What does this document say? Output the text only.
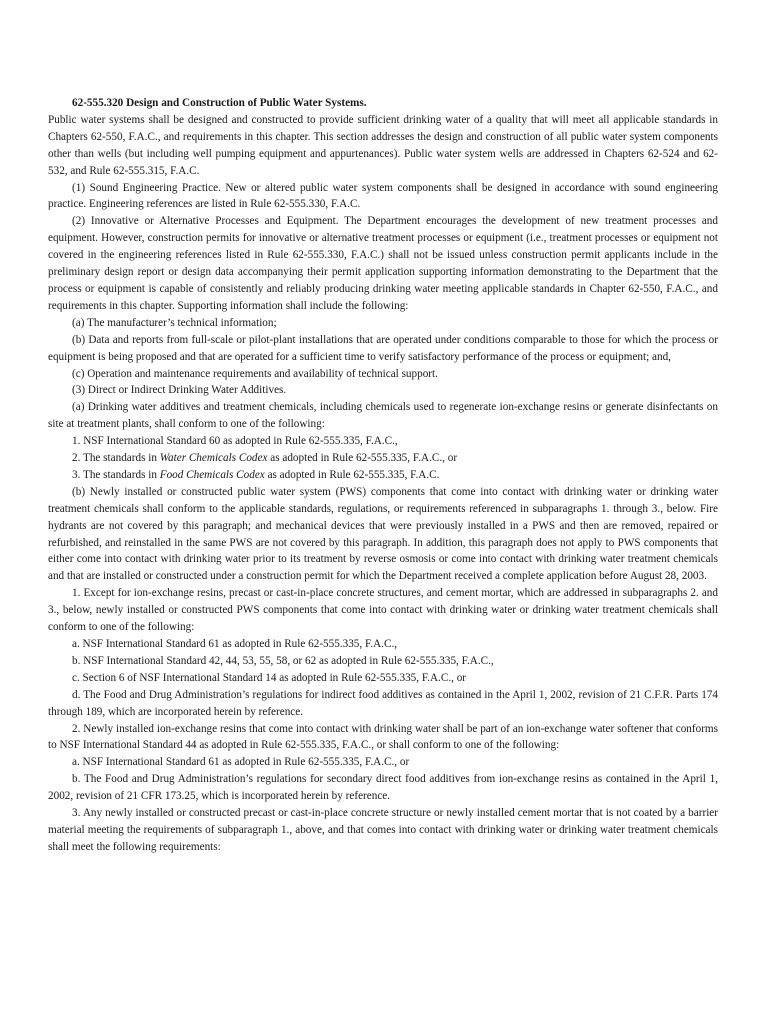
62-555.320 Design and Construction of Public Water Systems.

Public water systems shall be designed and constructed to provide sufficient drinking water of a quality that will meet all applicable standards in Chapters 62-550, F.A.C., and requirements in this chapter. This section addresses the design and construction of all public water system components other than wells (but including well pumping equipment and appurtenances). Public water system wells are addressed in Chapters 62-524 and 62-532, and Rule 62-555.315, F.A.C.

(1) Sound Engineering Practice. New or altered public water system components shall be designed in accordance with sound engineering practice. Engineering references are listed in Rule 62-555.330, F.A.C.

(2) Innovative or Alternative Processes and Equipment. The Department encourages the development of new treatment processes and equipment. However, construction permits for innovative or alternative treatment processes or equipment (i.e., treatment processes or equipment not covered in the engineering references listed in Rule 62-555.330, F.A.C.) shall not be issued unless construction permit applicants include in the preliminary design report or design data accompanying their permit application supporting information demonstrating to the Department that the process or equipment is capable of consistently and reliably producing drinking water meeting applicable standards in Chapter 62-550, F.A.C., and requirements in this chapter. Supporting information shall include the following:

(a) The manufacturer’s technical information;

(b) Data and reports from full-scale or pilot-plant installations that are operated under conditions comparable to those for which the process or equipment is being proposed and that are operated for a sufficient time to verify satisfactory performance of the process or equipment; and,

(c) Operation and maintenance requirements and availability of technical support.

(3) Direct or Indirect Drinking Water Additives.

(a) Drinking water additives and treatment chemicals, including chemicals used to regenerate ion-exchange resins or generate disinfectants on site at treatment plants, shall conform to one of the following:

1. NSF International Standard 60 as adopted in Rule 62-555.335, F.A.C.,

2. The standards in Water Chemicals Codex as adopted in Rule 62-555.335, F.A.C., or

3. The standards in Food Chemicals Codex as adopted in Rule 62-555.335, F.A.C.

(b) Newly installed or constructed public water system (PWS) components that come into contact with drinking water or drinking water treatment chemicals shall conform to the applicable standards, regulations, or requirements referenced in subparagraphs 1. through 3., below. Fire hydrants are not covered by this paragraph; and mechanical devices that were previously installed in a PWS and then are removed, repaired or refurbished, and reinstalled in the same PWS are not covered by this paragraph. In addition, this paragraph does not apply to PWS components that either come into contact with drinking water prior to its treatment by reverse osmosis or come into contact with drinking water treatment chemicals and that are installed or constructed under a construction permit for which the Department received a complete application before August 28, 2003.

1. Except for ion-exchange resins, precast or cast-in-place concrete structures, and cement mortar, which are addressed in subparagraphs 2. and 3., below, newly installed or constructed PWS components that come into contact with drinking water or drinking water treatment chemicals shall conform to one of the following:

a. NSF International Standard 61 as adopted in Rule 62-555.335, F.A.C.,

b. NSF International Standard 42, 44, 53, 55, 58, or 62 as adopted in Rule 62-555.335, F.A.C.,

c. Section 6 of NSF International Standard 14 as adopted in Rule 62-555.335, F.A.C., or

d. The Food and Drug Administration’s regulations for indirect food additives as contained in the April 1, 2002, revision of 21 C.F.R. Parts 174 through 189, which are incorporated herein by reference.

2. Newly installed ion-exchange resins that come into contact with drinking water shall be part of an ion-exchange water softener that conforms to NSF International Standard 44 as adopted in Rule 62-555.335, F.A.C., or shall conform to one of the following:

a. NSF International Standard 61 as adopted in Rule 62-555.335, F.A.C., or

b. The Food and Drug Administration’s regulations for secondary direct food additives from ion-exchange resins as contained in the April 1, 2002, revision of 21 CFR 173.25, which is incorporated herein by reference.

3. Any newly installed or constructed precast or cast-in-place concrete structure or newly installed cement mortar that is not coated by a barrier material meeting the requirements of subparagraph 1., above, and that comes into contact with drinking water or drinking water treatment chemicals shall meet the following requirements:
